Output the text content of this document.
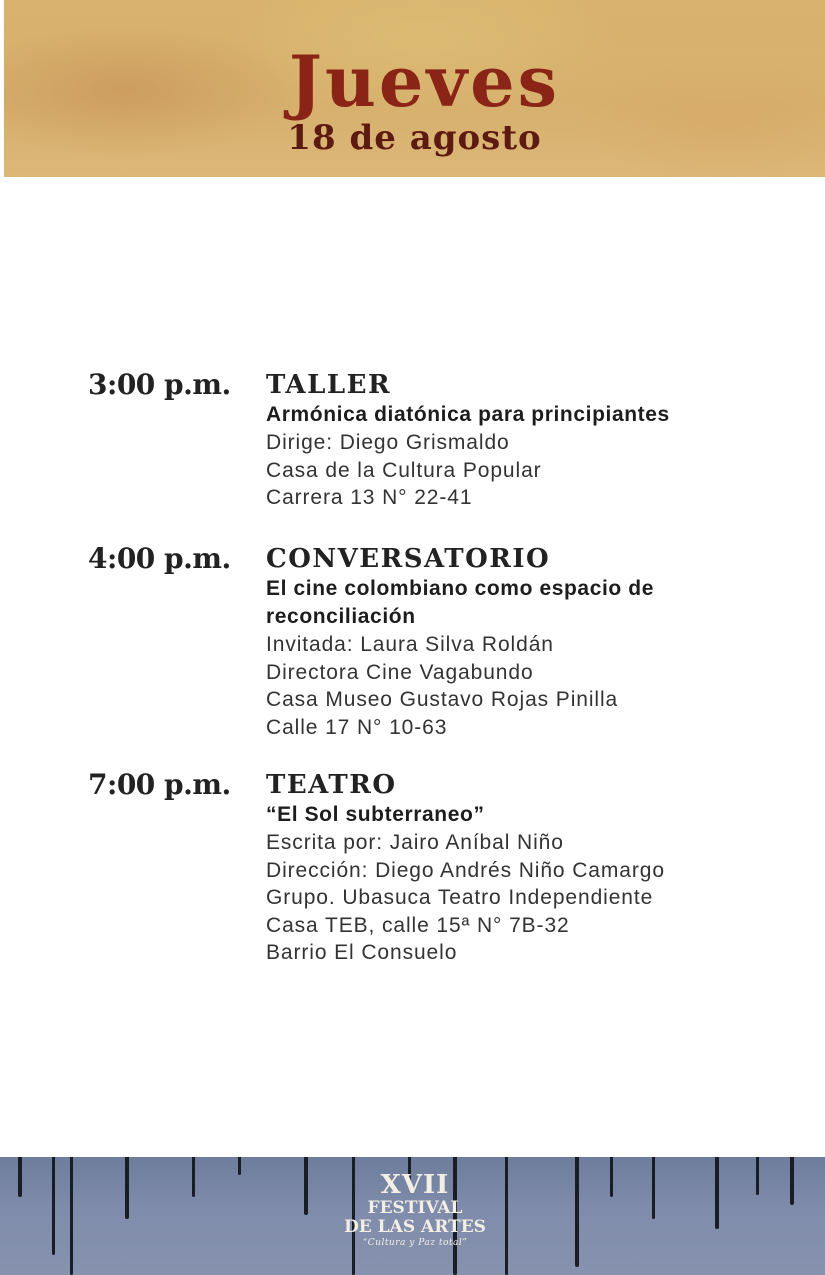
Jueves
18 de agosto
3:00 p.m. TALLER
Armónica diatónica para principiantes
Dirige: Diego Grismaldo
Casa de la Cultura Popular
Carrera 13 N° 22-41
4:00 p.m. CONVERSATORIO
El cine colombiano como espacio de
reconciliación
Invitada: Laura Silva Roldán
Directora Cine Vagabundo
Casa Museo Gustavo Rojas Pinilla
Calle 17 N° 10-63
7:00 p.m. TEATRO
“El Sol subterraneo”
Escrita por: Jairo Aníbal Niño
Dirección: Diego Andrés Niño Camargo
Grupo. Ubasuca Teatro Independiente
Casa TEB, calle 15ª N° 7B-32
Barrio El Consuelo
XVII
FESTIVAL
DE LAS ARTES
“Cultura y Paz total”
